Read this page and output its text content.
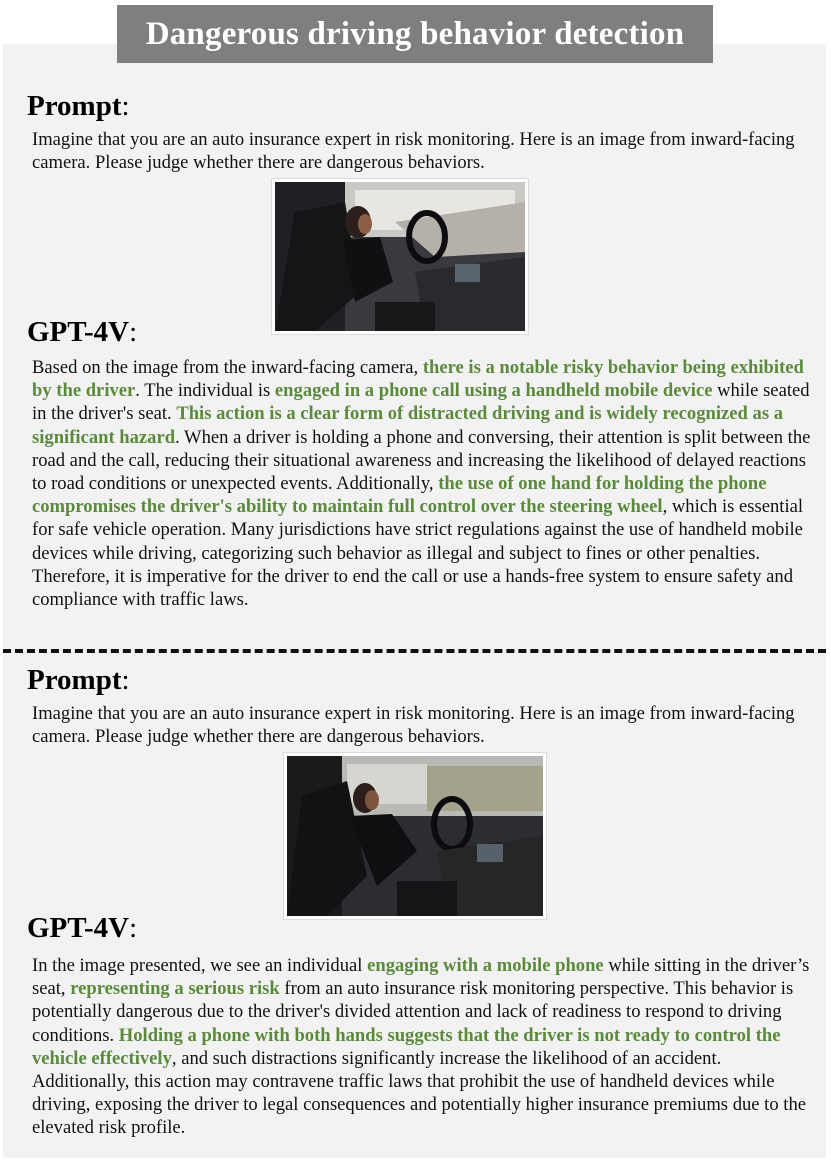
Dangerous driving behavior detection
Prompt:
Imagine that you are an auto insurance expert in risk monitoring. Here is an image from inward-facing camera. Please judge whether there are dangerous behaviors.
GPT-4V:
Based on the image from the inward-facing camera, there is a notable risky behavior being exhibited by the driver. The individual is engaged in a phone call using a handheld mobile device while seated in the driver's seat. This action is a clear form of distracted driving and is widely recognized as a significant hazard. When a driver is holding a phone and conversing, their attention is split between the road and the call, reducing their situational awareness and increasing the likelihood of delayed reactions to road conditions or unexpected events. Additionally, the use of one hand for holding the phone compromises the driver's ability to maintain full control over the steering wheel, which is essential for safe vehicle operation. Many jurisdictions have strict regulations against the use of handheld mobile devices while driving, categorizing such behavior as illegal and subject to fines or other penalties. Therefore, it is imperative for the driver to end the call or use a hands-free system to ensure safety and compliance with traffic laws.
Prompt:
Imagine that you are an auto insurance expert in risk monitoring. Here is an image from inward-facing camera. Please judge whether there are dangerous behaviors.
GPT-4V:
In the image presented, we see an individual engaging with a mobile phone while sitting in the driver’s seat, representing a serious risk from an auto insurance risk monitoring perspective. This behavior is potentially dangerous due to the driver's divided attention and lack of readiness to respond to driving conditions. Holding a phone with both hands suggests that the driver is not ready to control the vehicle effectively, and such distractions significantly increase the likelihood of an accident. Additionally, this action may contravene traffic laws that prohibit the use of handheld devices while driving, exposing the driver to legal consequences and potentially higher insurance premiums due to the elevated risk profile.
